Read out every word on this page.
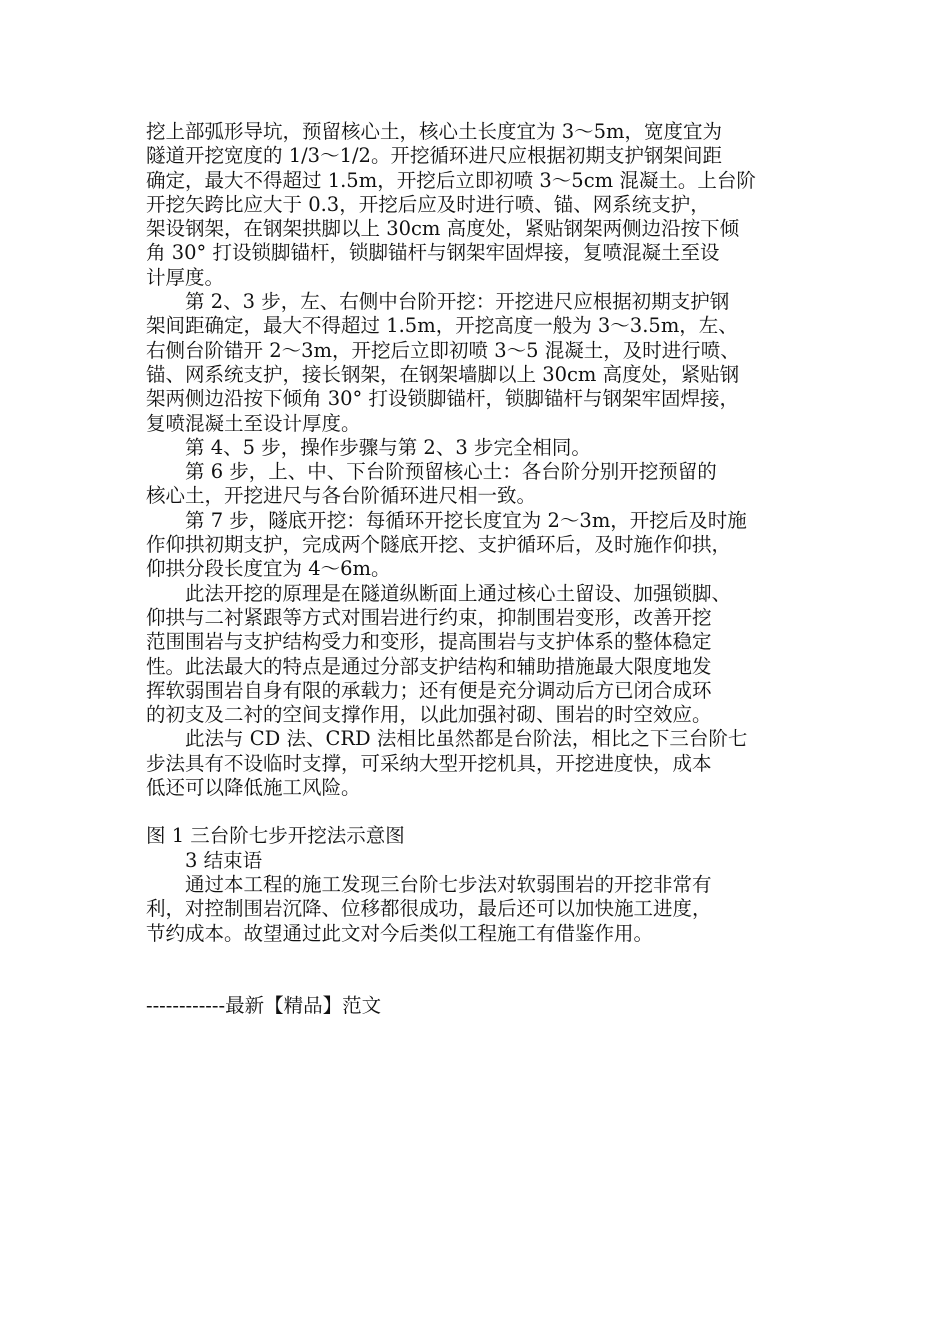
挖上部弧形导坑，预留核心土，核心土长度宜为 3～5m，宽度宜为

隧道开挖宽度的 1/3～1/2。开挖循环进尺应根据初期支护钢架间距

确定，最大不得超过 1.5m，开挖后立即初喷 3～5cm 混凝土。上台阶

开挖矢跨比应大于 0.3，开挖后应及时进行喷、锚、网系统支护，

架设钢架，在钢架拱脚以上 30cm 高度处，紧贴钢架两侧边沿按下倾

角 30° 打设锁脚锚杆，锁脚锚杆与钢架牢固焊接，复喷混凝土至设

计厚度。

第 2、3 步，左、右侧中台阶开挖：开挖进尺应根据初期支护钢

架间距确定，最大不得超过 1.5m，开挖高度一般为 3～3.5m，左、

右侧台阶错开 2～3m，开挖后立即初喷 3～5 混凝土，及时进行喷、

锚、网系统支护，接长钢架，在钢架墙脚以上 30cm 高度处，紧贴钢

架两侧边沿按下倾角 30° 打设锁脚锚杆，锁脚锚杆与钢架牢固焊接，

复喷混凝土至设计厚度。

第 4、5 步，操作步骤与第 2、3 步完全相同。

第 6 步，上、中、下台阶预留核心土：各台阶分别开挖预留的

核心土，开挖进尺与各台阶循环进尺相一致。

第 7 步，隧底开挖：每循环开挖长度宜为 2～3m，开挖后及时施

作仰拱初期支护，完成两个隧底开挖、支护循环后，及时施作仰拱，

仰拱分段长度宜为 4～6m。

此法开挖的原理是在隧道纵断面上通过核心土留设、加强锁脚、

仰拱与二衬紧跟等方式对围岩进行约束，抑制围岩变形，改善开挖

范围围岩与支护结构受力和变形，提高围岩与支护体系的整体稳定

性。此法最大的特点是通过分部支护结构和辅助措施最大限度地发

挥软弱围岩自身有限的承载力；还有便是充分调动后方已闭合成环

的初支及二衬的空间支撑作用，以此加强衬砌、围岩的时空效应。

此法与 CD 法、CRD 法相比虽然都是台阶法，相比之下三台阶七

步法具有不设临时支撑，可采纳大型开挖机具，开挖进度快，成本

低还可以降低施工风险。

图 1 三台阶七步开挖法示意图

3 结束语

通过本工程的施工发现三台阶七步法对软弱围岩的开挖非常有

利，对控制围岩沉降、位移都很成功，最后还可以加快施工进度，

节约成本。故望通过此文对今后类似工程施工有借鉴作用。

------------最新【精品】范文
